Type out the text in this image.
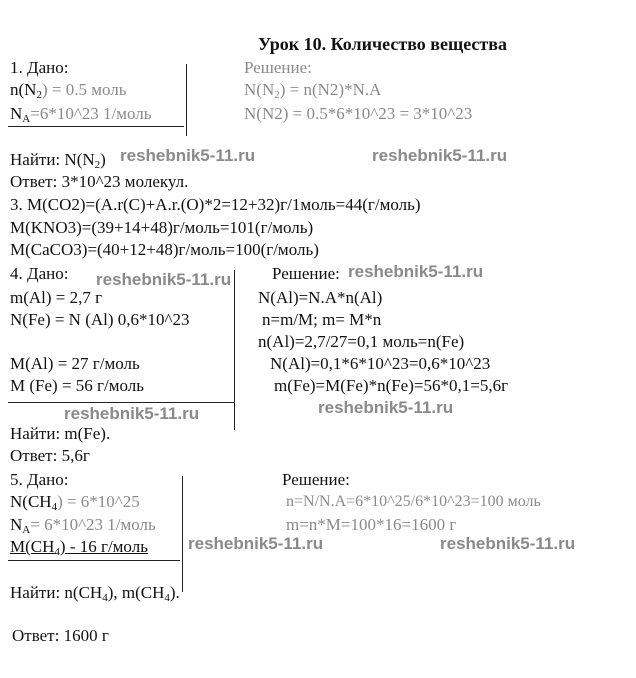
Урок 10. Количество вещества
1. Дано:	Решение:
$n(N_2) = 0.5$ моль	$N(N_2) = n(N2)*N.A$
$N_A=6*10\^{}23$ 1/моль	N(N2) = 0.5*6*10^23 = 3*10^23
Найти: $N(N_2)$
Ответ: 3*10^23 молекул.
3. M(CO2)=(A.r(C)+A.r.(O)*2=12+32)г/1моль=44(г/моль)
M(KNO3)=(39+14+48)г/моль=101(г/моль)
M(CaCO3)=(40+12+48)г/моль=100(г/моль)
4. Дано:	Решение:
m(Al) = 2,7 г	N(Al)=N.A*n(Al)
N(Fe) = N (Al) 0,6*10^23	n=m/M; m= M*n
n(Al)=2,7/27=0,1 моль=n(Fe)
M(Al) = 27 г/моль	N(Al)=0,1*6*10^23=0,6*10^23
M (Fe) = 56 г/моль	m(Fe)=M(Fe)*n(Fe)=56*0,1=5,6г
Найти: m(Fe).
Ответ: 5,6г
5. Дано:	Решение:
$N(CH_4)$ = 6*10^25	n=N/N.A=6*10^25/6*10^23=100 моль
$N_A=$ 6*10^23 1/моль	m=n*M=100*16=1600 г
$M(CH_4) - 16$ г/моль
Найти: $n(CH_4)$, $m(CH_4)$.
Ответ: 1600 г
reshebnik5-11.ru	reshebnik5-11.ru
reshebnik5-11.ru	reshebnik5-11.ru
reshebnik5-11.ru	reshebnik5-11.ru
reshebnik5-11.ru	reshebnik5-11.ru
